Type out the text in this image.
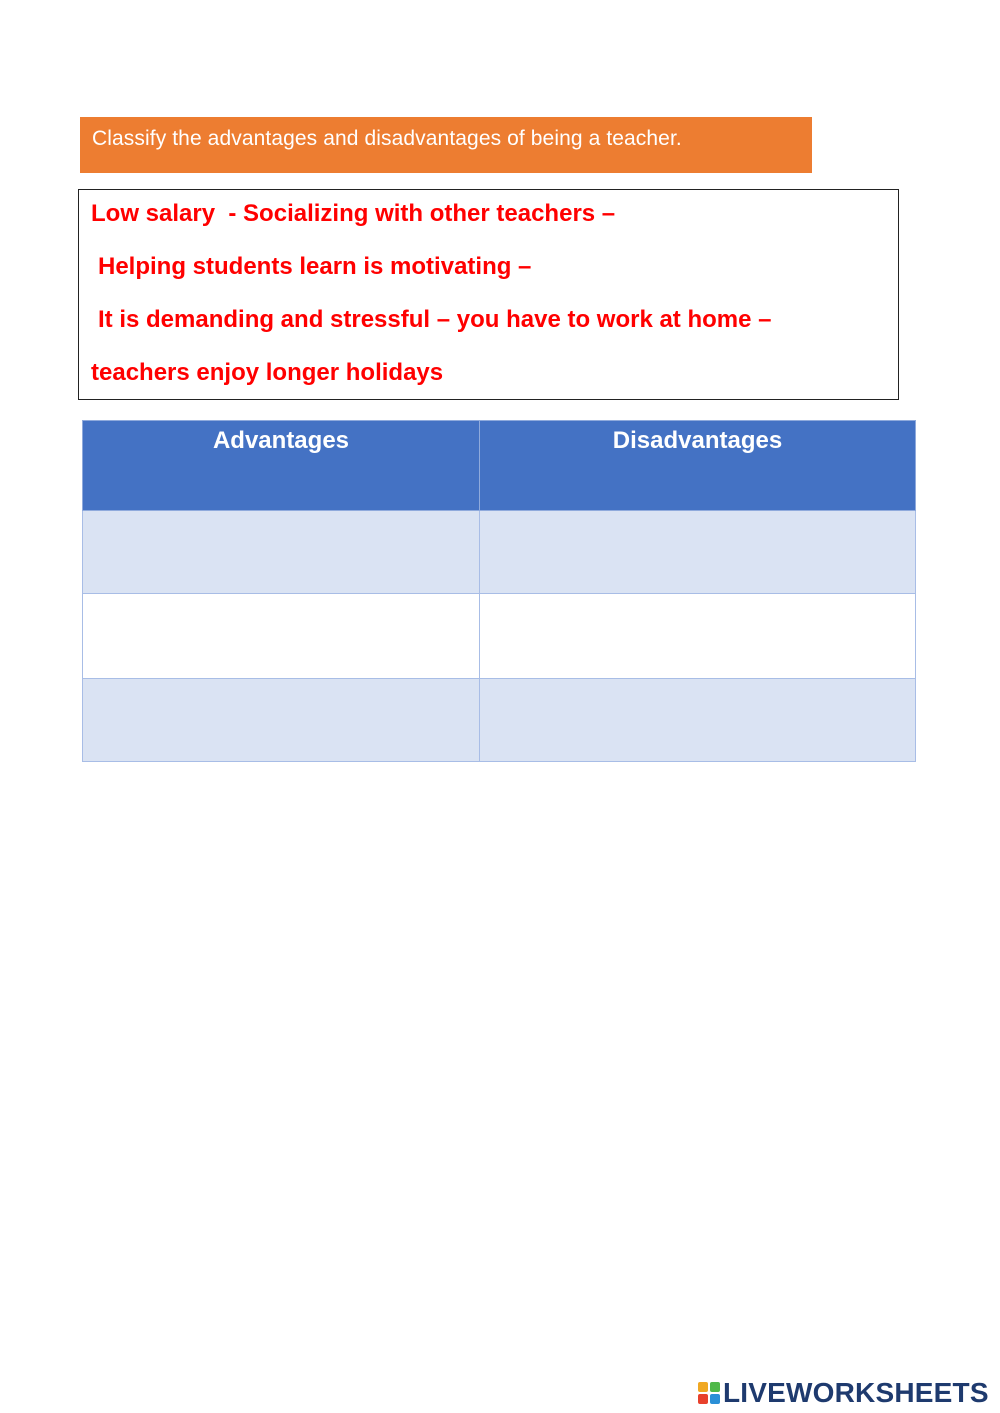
Classify the advantages and disadvantages of being a teacher.
Low salary  - Socializing with other teachers –
Helping students learn is motivating –
It is demanding and stressful – you have to work at home –
teachers enjoy longer holidays
Advantages	Disadvantages

LIVEWORKSHEETS
